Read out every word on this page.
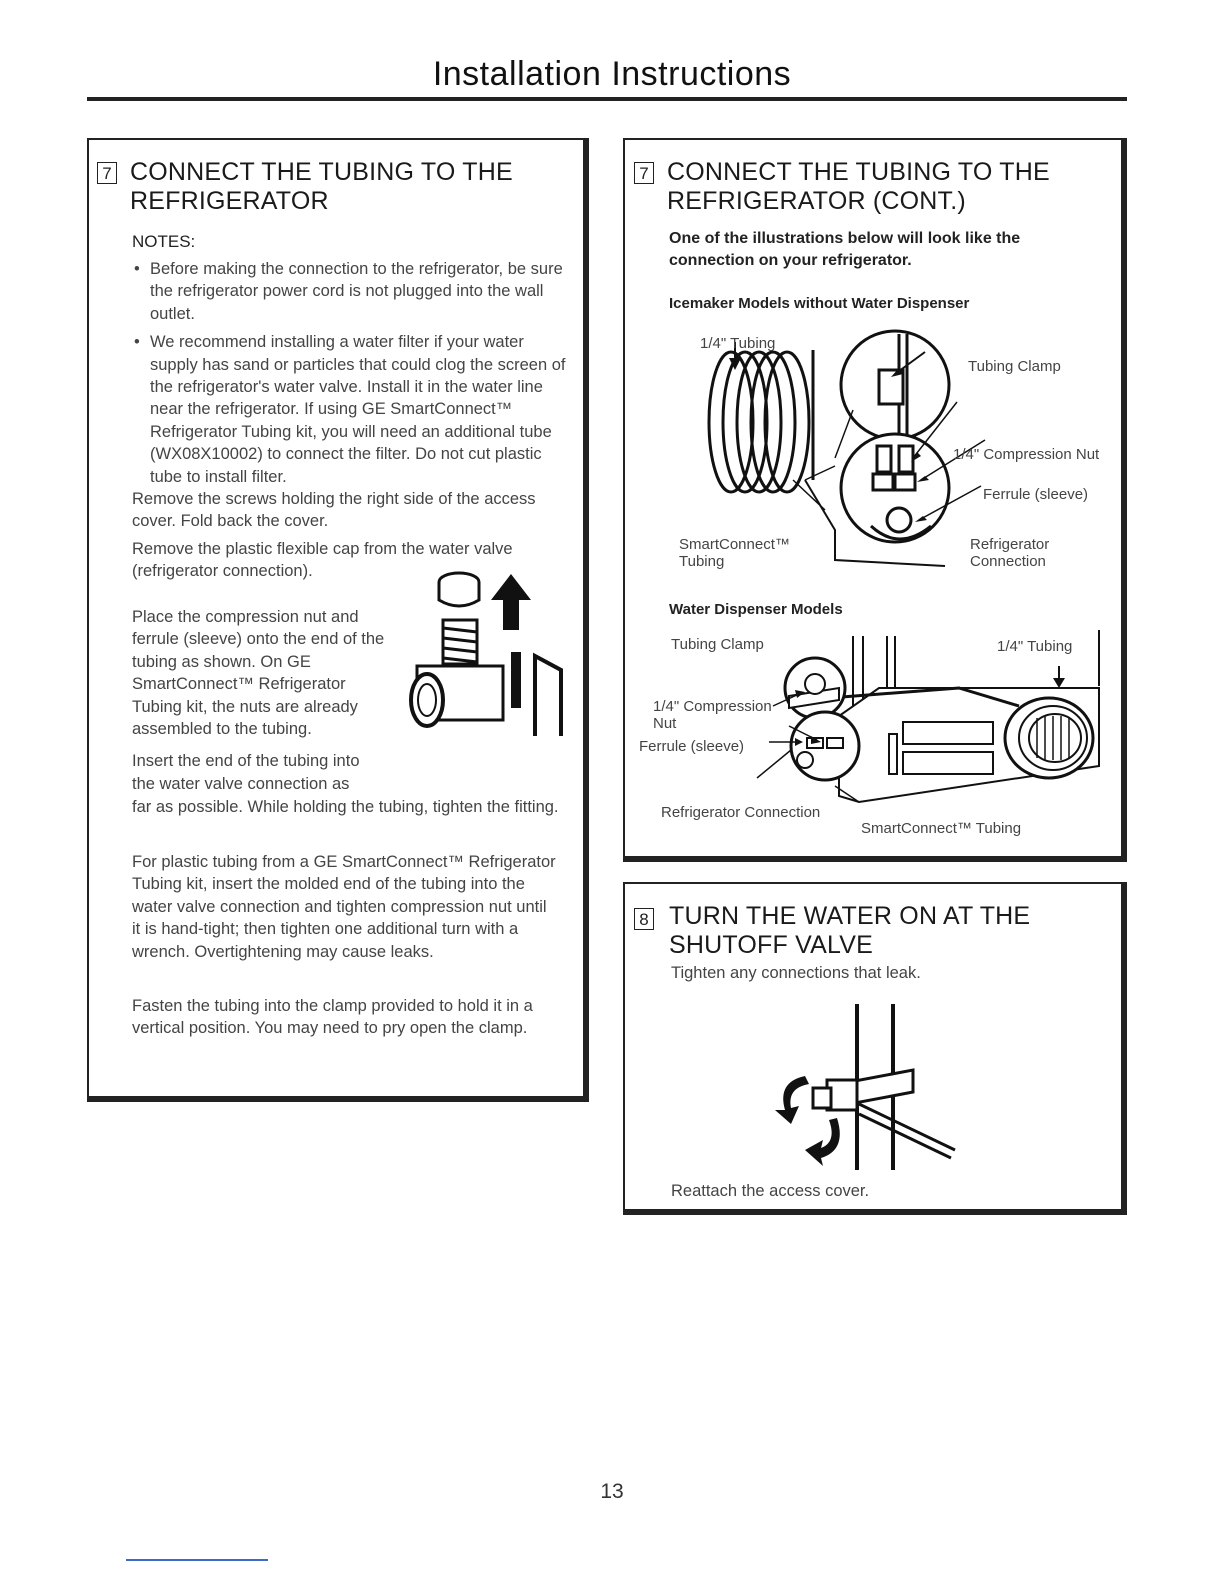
Installation Instructions
7 CONNECT THE TUBING TO THE
REFRIGERATOR
NOTES:
• Before making the connection to the refrigerator, be sure the refrigerator power cord is not plugged into the wall outlet.
• We recommend installing a water filter if your water supply has sand or particles that could clog the screen of the refrigerator's water valve. Install it in the water line near the refrigerator. If using GE SmartConnect™ Refrigerator Tubing kit, you will need an additional tube (WX08X10002) to connect the filter. Do not cut plastic tube to install filter.
Remove the screws holding the right side of the access cover. Fold back the cover.
Remove the plastic flexible cap from the water valve (refrigerator connection).
Place the compression nut and ferrule (sleeve) onto the end of the tubing as shown. On GE SmartConnect™ Refrigerator Tubing kit, the nuts are already assembled to the tubing.
Insert the end of the tubing into
the water valve connection as
far as possible. While holding the tubing, tighten the fitting.
For plastic tubing from a GE SmartConnect™ Refrigerator Tubing kit, insert the molded end of the tubing into the water valve connection and tighten compression nut until it is hand-tight; then tighten one additional turn with a wrench. Overtightening may cause leaks.
Fasten the tubing into the clamp provided to hold it in a vertical position. You may need to pry open the clamp.
7 CONNECT THE TUBING TO THE
REFRIGERATOR (CONT.)
One of the illustrations below will look like the connection on your refrigerator.
Icemaker Models without Water Dispenser
1/4" Tubing
Tubing Clamp
1/4" Compression Nut
Ferrule (sleeve)
SmartConnect™
Tubing
Refrigerator
Connection
Water Dispenser Models
Tubing Clamp	1/4" Tubing
1/4" Compression
Nut
Ferrule (sleeve)
Refrigerator Connection
SmartConnect™ Tubing
8 TURN THE WATER ON AT THE
SHUTOFF VALVE
Tighten any connections that leak.
Reattach the access cover.
13
